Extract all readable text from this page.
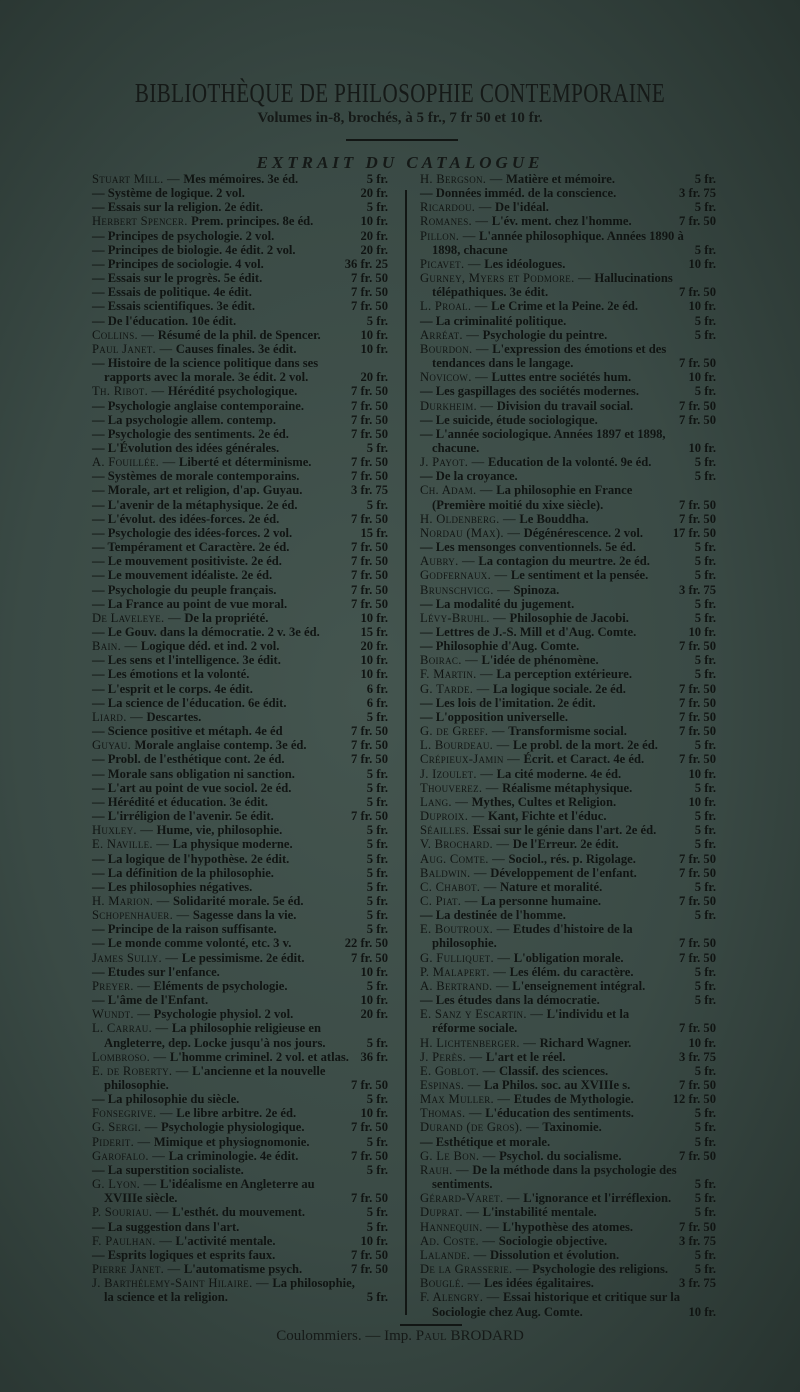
BIBLIOTHÈQUE DE PHILOSOPHIE CONTEMPORAINE
Volumes in-8, brochés, à 5 fr., 7 fr 50 et 10 fr.
EXTRAIT DU CATALOGUE
Stuart Mill. — Mes mémoires. 3e éd.	5 fr.
— Système de logique. 2 vol.	20 fr.
— Essais sur la religion. 2e édit.	5 fr.
Herbert Spencer. Prem. principes. 8e éd.	10 fr.
— Principes de psychologie. 2 vol.	20 fr.
— Principes de biologie. 4e édit. 2 vol.	20 fr.
— Principes de sociologie. 4 vol.	36 fr. 25
— Essais sur le progrès. 5e édit.	7 fr. 50
— Essais de politique. 4e édit.	7 fr. 50
— Essais scientifiques. 3e édit.	7 fr. 50
— De l'éducation. 10e édit.	5 fr.
Collins. — Résumé de la phil. de Spencer.	10 fr.
Paul Janet. — Causes finales. 3e édit.	10 fr.
— Histoire de la science politique dans ses rapports avec la morale. 3e édit. 2 vol.	20 fr.
Th. Ribot. — Hérédité psychologique.	7 fr. 50
— Psychologie anglaise contemporaine.	7 fr. 50
— La psychologie allem. contemp.	7 fr. 50
— Psychologie des sentiments. 2e éd.	7 fr. 50
— L'Évolution des idées générales.	5 fr.
A. Fouillée. — Liberté et déterminisme.	7 fr. 50
— Systèmes de morale contemporains.	7 fr. 50
— Morale, art et religion, d'ap. Guyau.	3 fr. 75
— L'avenir de la métaphysique. 2e éd.	5 fr.
— L'évolut. des idées-forces. 2e éd.	7 fr. 50
— Psychologie des idées-forces. 2 vol.	15 fr.
— Tempérament et Caractère. 2e éd.	7 fr. 50
— Le mouvement positiviste. 2e éd.	7 fr. 50
— Le mouvement idéaliste. 2e éd.	7 fr. 50
— Psychologie du peuple français.	7 fr. 50
— La France au point de vue moral.	7 fr. 50
De Laveleye. — De la propriété.	10 fr.
— Le Gouv. dans la démocratie. 2 v. 3e éd.	15 fr.
Bain. — Logique déd. et ind. 2 vol.	20 fr.
— Les sens et l'intelligence. 3e édit.	10 fr.
— Les émotions et la volonté.	10 fr.
— L'esprit et le corps. 4e édit.	6 fr.
— La science de l'éducation. 6e édit.	6 fr.
Liard. — Descartes.	5 fr.
— Science positive et métaph. 4e éd	7 fr. 50
Guyau. Morale anglaise contemp. 3e éd.	7 fr. 50
— Probl. de l'esthétique cont. 2e éd.	7 fr. 50
— Morale sans obligation ni sanction.	5 fr.
— L'art au point de vue sociol. 2e éd.	5 fr.
— Hérédité et éducation. 3e édit.	5 fr.
— L'irréligion de l'avenir. 5e édit.	7 fr. 50
Huxley. — Hume, vie, philosophie.	5 fr.
E. Naville. — La physique moderne.	5 fr.
— La logique de l'hypothèse. 2e édit.	5 fr.
— La définition de la philosophie.	5 fr.
— Les philosophies négatives.	5 fr.
H. Marion. — Solidarité morale. 5e éd.	5 fr.
Schopenhauer. — Sagesse dans la vie.	5 fr.
— Principe de la raison suffisante.	5 fr.
— Le monde comme volonté, etc. 3 v.	22 fr. 50
James Sully. — Le pessimisme. 2e édit.	7 fr. 50
— Etudes sur l'enfance.	10 fr.
Preyer. — Eléments de psychologie.	5 fr.
— L'âme de l'Enfant.	10 fr.
Wundt. — Psychologie physiol. 2 vol.	20 fr.
L. Carrau. — La philosophie religieuse en Angleterre, dep. Locke jusqu'à nos jours.	5 fr.
Lombroso. — L'homme criminel. 2 vol. et atlas. 36 fr.
E. de Roberty. — L'ancienne et la nouvelle philosophie.	7 fr. 50
— La philosophie du siècle.	5 fr.
Fonsegrive. — Le libre arbitre. 2e éd.	10 fr.
G. Sergi. — Psychologie physiologique.	7 fr. 50
Piderit. — Mimique et physiognomonie.	5 fr.
Garofalo. — La criminologie. 4e édit.	7 fr. 50
— La superstition socialiste.	5 fr.
G. Lyon. — L'idéalisme en Angleterre au XVIIIe siècle.	7 fr. 50
P. Souriau. — L'esthét. du mouvement.	5 fr.
— La suggestion dans l'art.	5 fr.
F. Paulhan. — L'activité mentale.	10 fr.
— Esprits logiques et esprits faux.	7 fr. 50
Pierre Janet. — L'automatisme psych.	7 fr. 50
J. Barthélemy-Saint Hilaire. — La philosophie, la science et la religion.	5 fr.
H. Bergson. — Matière et mémoire.	5 fr.
— Données imméd. de la conscience.	3 fr. 75
Ricardou. — De l'idéal.	5 fr.
Romanes. — L'év. ment. chez l'homme.	7 fr. 50
Pillon. — L'année philosophique. Années 1890 à 1898, chacune	5 fr.
Picavet. — Les idéologues.	10 fr.
Gurney, Myers et Podmore. — Hallucinations télépathiques. 3e édit.	7 fr. 50
L. Proal. — Le Crime et la Peine. 2e éd.	10 fr.
— La criminalité politique.	5 fr.
Arréat. — Psychologie du peintre.	5 fr.
Bourdon. — L'expression des émotions et des tendances dans le langage.	7 fr. 50
Novicow. — Luttes entre sociétés hum.	10 fr.
— Les gaspillages des sociétés modernes.	5 fr.
Durkheim. — Division du travail social.	7 fr. 50
— Le suicide, étude sociologique.	7 fr. 50
— L'année sociologique. Années 1897 et 1898, chacune.	10 fr.
J. Payot. — Education de la volonté. 9e éd.	5 fr.
— De la croyance.	5 fr.
Ch. Adam. — La philosophie en France (Première moitié du xixe siècle).	7 fr. 50
H. Oldenberg. — Le Bouddha.	7 fr. 50
Nordau (Max). — Dégénérescence. 2 vol.	17 fr. 50
— Les mensonges conventionnels. 5e éd.	5 fr.
Aubry. — La contagion du meurtre. 2e éd.	5 fr.
Godfernaux. — Le sentiment et la pensée.	5 fr.
Brunschvicg. — Spinoza.	3 fr. 75
— La modalité du jugement.	5 fr.
Lévy-Bruhl. — Philosophie de Jacobi.	5 fr.
— Lettres de J.-S. Mill et d'Aug. Comte.	10 fr.
— Philosophie d'Aug. Comte.	7 fr. 50
Boirac. — L'idée de phénomène.	5 fr.
F. Martin. — La perception extérieure.	5 fr.
G. Tarde. — La logique sociale. 2e éd.	7 fr. 50
— Les lois de l'imitation. 2e édit.	7 fr. 50
— L'opposition universelle.	7 fr. 50
G. de Greef. — Transformisme social.	7 fr. 50
L. Bourdeau. — Le probl. de la mort. 2e éd.	5 fr.
Crépieux-Jamin — Écrit. et Caract. 4e éd.	7 fr. 50
J. Izoulet. — La cité moderne. 4e éd.	10 fr.
Thouverez. — Réalisme métaphysique.	5 fr.
Lang. — Mythes, Cultes et Religion.	10 fr.
Duproix. — Kant, Fichte et l'éduc.	5 fr.
Séailles. Essai sur le génie dans l'art. 2e éd.	5 fr.
V. Brochard. — De l'Erreur. 2e édit.	5 fr.
Aug. Comte. — Sociol., rés. p. Rigolage.	7 fr. 50
Baldwin. — Développement de l'enfant.	7 fr. 50
C. Chabot. — Nature et moralité.	5 fr.
C. Piat. — La personne humaine.	7 fr. 50
— La destinée de l'homme.	5 fr.
E. Boutroux. — Etudes d'histoire de la philosophie.	7 fr. 50
G. Fulliquet. — L'obligation morale.	7 fr. 50
P. Malapert. — Les élém. du caractère.	5 fr.
A. Bertrand. — L'enseignement intégral.	5 fr.
— Les études dans la démocratie.	5 fr.
E. Sanz y Escartin. — L'individu et la réforme sociale.	7 fr. 50
H. Lichtenberger. — Richard Wagner.	10 fr.
J. Perès. — L'art et le réel.	3 fr. 75
E. Goblot. — Classif. des sciences.	5 fr.
Espinas. — La Philos. soc. au XVIIIe s.	7 fr. 50
Max Muller. — Etudes de Mythologie.	12 fr. 50
Thomas. — L'éducation des sentiments.	5 fr.
Durand (de Gros). — Taxinomie.	5 fr.
— Esthétique et morale.	5 fr.
G. Le Bon. — Psychol. du socialisme.	7 fr. 50
Rauh. — De la méthode dans la psychologie des sentiments.	5 fr.
Gérard-Varet. — L'ignorance et l'irréflexion.	5 fr.
Duprat. — L'instabilité mentale.	5 fr.
Hannequin. — L'hypothèse des atomes.	7 fr. 50
Ad. Coste. — Sociologie objective.	3 fr. 75
Lalande. — Dissolution et évolution.	5 fr.
De la Grasserie. — Psychologie des religions.	5 fr.
Bouglé. — Les idées égalitaires.	3 fr. 75
F. Alengry. — Essai historique et critique sur la Sociologie chez Aug. Comte.	10 fr.
Coulommiers. — Imp. Paul BRODARD
